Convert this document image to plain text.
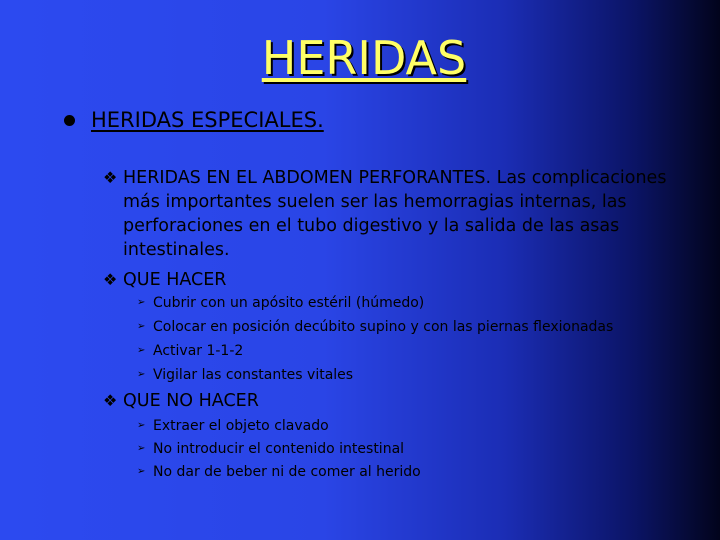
HERIDAS
HERIDAS ESPECIALES.
❖ HERIDAS EN EL ABDOMEN PERFORANTES. Las complicaciones más importantes suelen ser las hemorragias internas, las perforaciones en el tubo digestivo y la salida de las asas intestinales.
❖ QUE HACER
➢ Cubrir con un apósito estéril (húmedo)
➢ Colocar en posición decúbito supino y con las piernas flexionadas
➢ Activar 1-1-2
➢ Vigilar las constantes vitales
❖ QUE NO HACER
➢ Extraer el objeto clavado
➢ No introducir el contenido intestinal
➢ No dar de beber ni de comer al herido
